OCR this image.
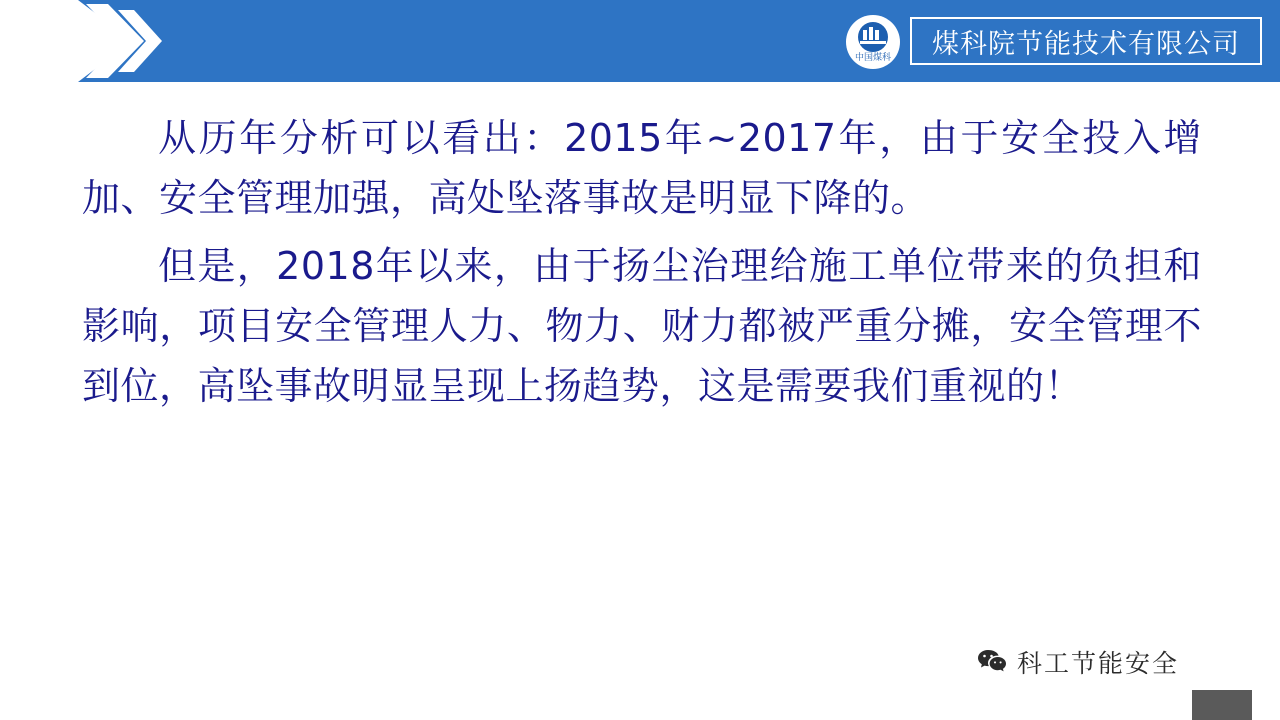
中国煤科 煤科院节能技术有限公司

从历年分析可以看出：2015年~2017年，由于安全投入增加、安全管理加强，高处坠落事故是明显下降的。

但是，2018年以来，由于扬尘治理给施工单位带来的负担和影响，项目安全管理人力、物力、财力都被严重分摊，安全管理不到位，高坠事故明显呈现上扬趋势，这是需要我们重视的！

科工节能安全
